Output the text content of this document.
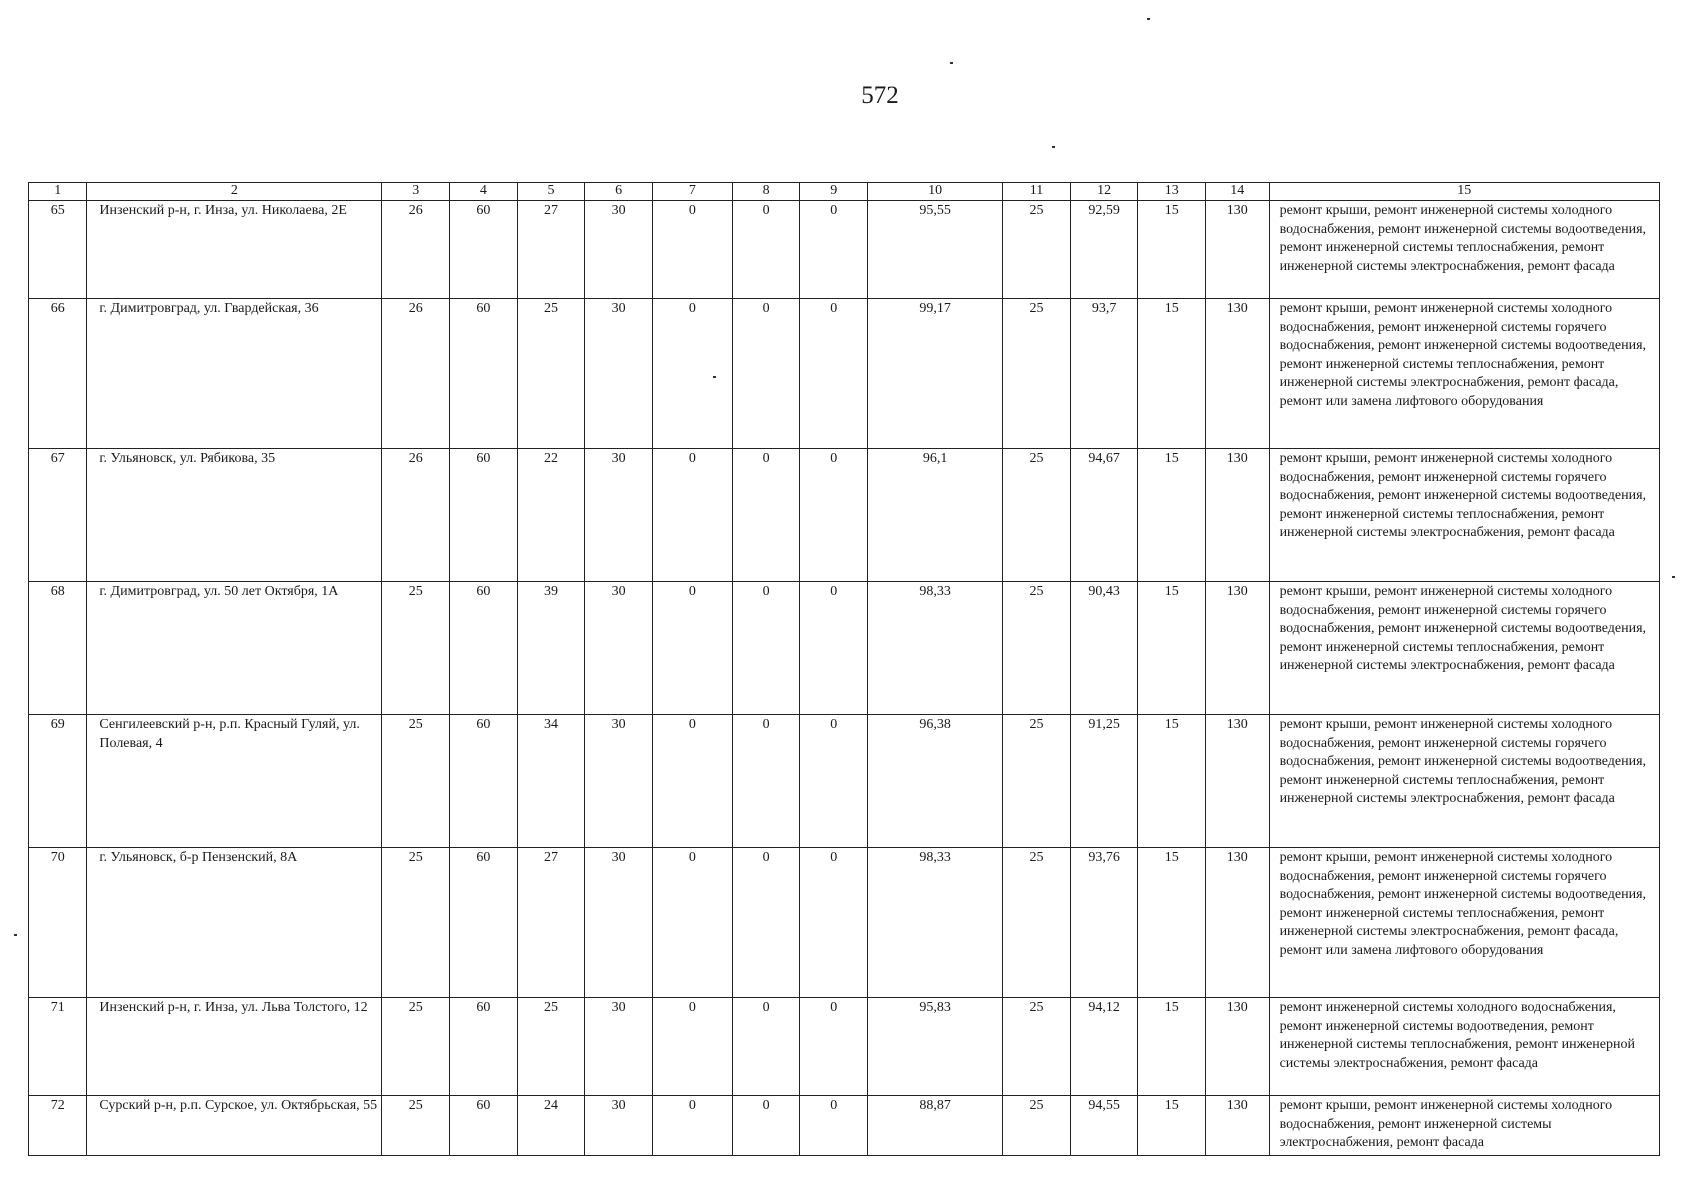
572
1	2	3	4	5	6	7	8	9	10	11	12	13	14	15
65	Инзенский р-н, г. Инза, ул. Николаева, 2Е	26	60	27	30	0	0	0	95,55	25	92,59	15	130	ремонт крыши, ремонт инженерной системы холодного водоснабжения, ремонт инженерной системы водоотведения, ремонт инженерной системы теплоснабжения, ремонт инженерной системы электроснабжения, ремонт фасада
66	г. Димитровград, ул. Гвардейская, 36	26	60	25	30	0	0	0	99,17	25	93,7	15	130	ремонт крыши, ремонт инженерной системы холодного водоснабжения, ремонт инженерной системы горячего водоснабжения, ремонт инженерной системы водоотведения, ремонт инженерной системы теплоснабжения, ремонт инженерной системы электроснабжения, ремонт фасада, ремонт или замена лифтового оборудования
67	г. Ульяновск, ул. Рябикова, 35	26	60	22	30	0	0	0	96,1	25	94,67	15	130	ремонт крыши, ремонт инженерной системы холодного водоснабжения, ремонт инженерной системы горячего водоснабжения, ремонт инженерной системы водоотведения, ремонт инженерной системы теплоснабжения, ремонт инженерной системы электроснабжения, ремонт фасада
68	г. Димитровград, ул. 50 лет Октября, 1А	25	60	39	30	0	0	0	98,33	25	90,43	15	130	ремонт крыши, ремонт инженерной системы холодного водоснабжения, ремонт инженерной системы горячего водоснабжения, ремонт инженерной системы водоотведения, ремонт инженерной системы теплоснабжения, ремонт инженерной системы электроснабжения, ремонт фасада
69	Сенгилеевский р-н, р.п. Красный Гуляй, ул. Полевая, 4	25	60	34	30	0	0	0	96,38	25	91,25	15	130	ремонт крыши, ремонт инженерной системы холодного водоснабжения, ремонт инженерной системы горячего водоснабжения, ремонт инженерной системы водоотведения, ремонт инженерной системы теплоснабжения, ремонт инженерной системы электроснабжения, ремонт фасада
70	г. Ульяновск, б-р Пензенский, 8А	25	60	27	30	0	0	0	98,33	25	93,76	15	130	ремонт крыши, ремонт инженерной системы холодного водоснабжения, ремонт инженерной системы горячего водоснабжения, ремонт инженерной системы водоотведения, ремонт инженерной системы теплоснабжения, ремонт инженерной системы электроснабжения, ремонт фасада, ремонт или замена лифтового оборудования
71	Инзенский р-н, г. Инза, ул. Льва Толстого, 12	25	60	25	30	0	0	0	95,83	25	94,12	15	130	ремонт инженерной системы холодного водоснабжения, ремонт инженерной системы водоотведения, ремонт инженерной системы теплоснабжения, ремонт инженерной системы электроснабжения, ремонт фасада
72	Сурский р-н, р.п. Сурское, ул. Октябрьская, 55	25	60	24	30	0	0	0	88,87	25	94,55	15	130	ремонт крыши, ремонт инженерной системы холодного водоснабжения, ремонт инженерной системы электроснабжения, ремонт фасада
